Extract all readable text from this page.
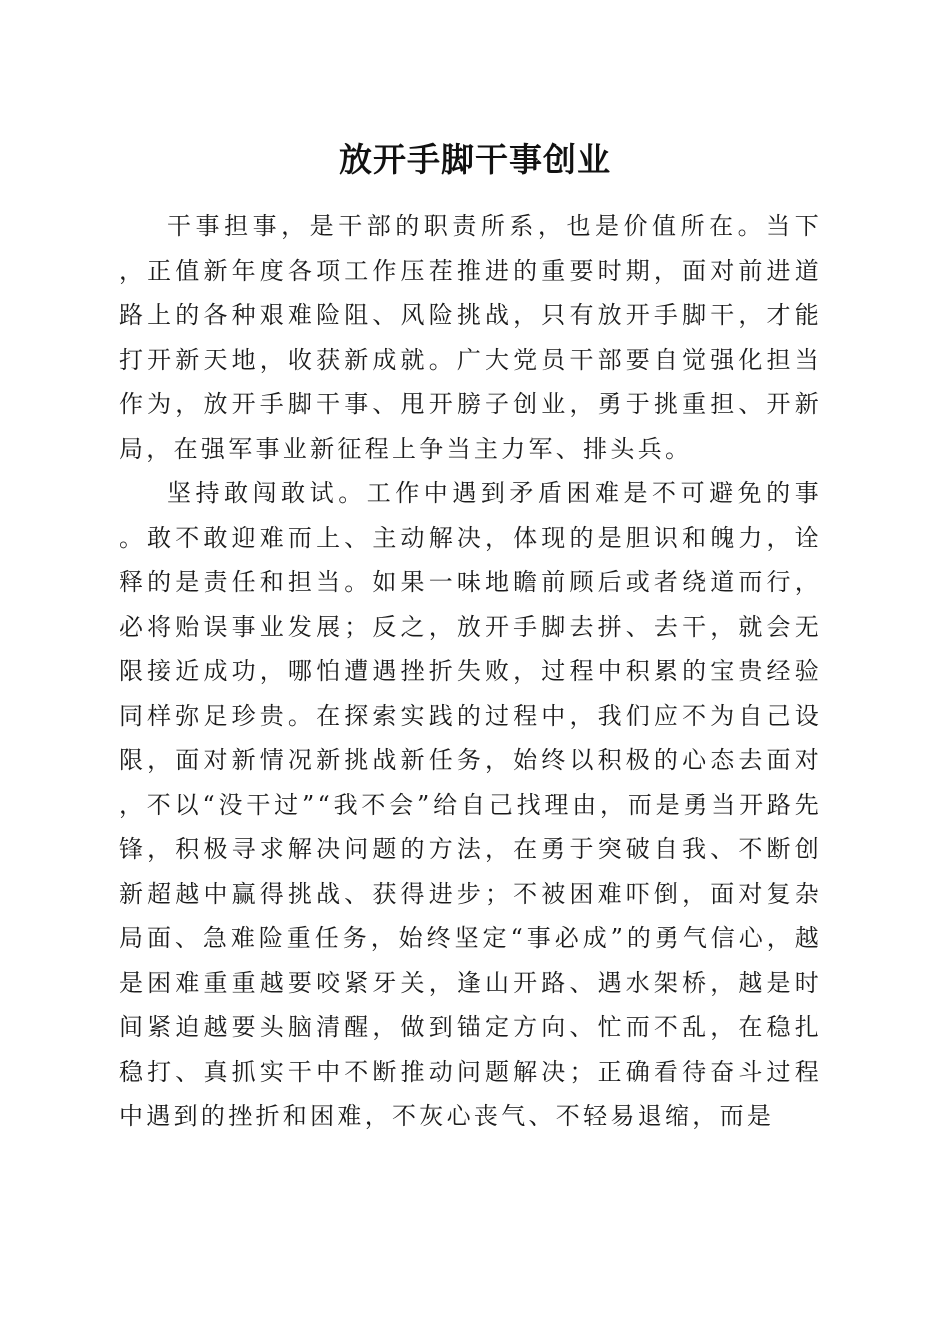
放开手脚干事创业

干事担事，是干部的职责所系，也是价值所在。当下，正值新年度各项工作压茬推进的重要时期，面对前进道路上的各种艰难险阻、风险挑战，只有放开手脚干，才能打开新天地，收获新成就。广大党员干部要自觉强化担当作为，放开手脚干事、甩开膀子创业，勇于挑重担、开新局，在强军事业新征程上争当主力军、排头兵。

坚持敢闯敢试。工作中遇到矛盾困难是不可避免的事。敢不敢迎难而上、主动解决，体现的是胆识和魄力，诠释的是责任和担当。如果一味地瞻前顾后或者绕道而行，必将贻误事业发展；反之，放开手脚去拼、去干，就会无限接近成功，哪怕遭遇挫折失败，过程中积累的宝贵经验同样弥足珍贵。在探索实践的过程中，我们应不为自己设限，面对新情况新挑战新任务，始终以积极的心态去面对，不以“没干过”“我不会”给自己找理由，而是勇当开路先锋，积极寻求解决问题的方法，在勇于突破自我、不断创新超越中赢得挑战、获得进步；不被困难吓倒，面对复杂局面、急难险重任务，始终坚定“事必成”的勇气信心，越是困难重重越要咬紧牙关，逢山开路、遇水架桥，越是时间紧迫越要头脑清醒，做到锚定方向、忙而不乱，在稳扎稳打、真抓实干中不断推动问题解决；正确看待奋斗过程中遇到的挫折和困难，不灰心丧气、不轻易退缩，而是
